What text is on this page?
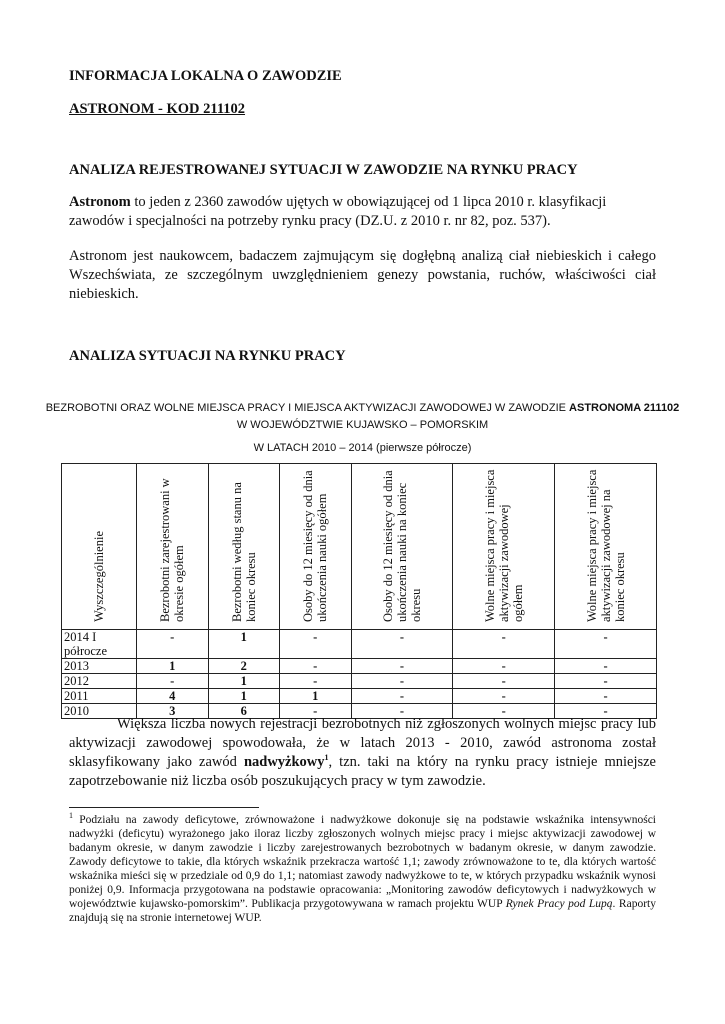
INFORMACJA LOKALNA O ZAWODZIE
ASTRONOM - KOD 211102
ANALIZA REJESTROWANEJ SYTUACJI W ZAWODZIE NA RYNKU PRACY
Astronom to jeden z 2360 zawodów ujętych w obowiązującej od 1 lipca 2010 r. klasyfikacji zawodów i specjalności na potrzeby rynku pracy (DZ.U. z 2010 r. nr 82, poz. 537).
Astronom jest naukowcem, badaczem zajmującym się dogłębną analizą ciał niebieskich i całego Wszechświata, ze szczególnym uwzględnieniem genezy powstania, ruchów, właściwości ciał niebieskich.
ANALIZA SYTUACJI NA RYNKU PRACY
BEZROBOTNI ORAZ WOLNE MIEJSCA PRACY I MIEJSCA AKTYWIZACJI ZAWODOWEJ W ZAWODZIE ASTRONOMA 211102
W WOJEWÓDZTWIE KUJAWSKO – POMORSKIM
W LATACH 2010 – 2014 (pierwsze półrocze)
Wyszczególnienie	Bezrobotni zarejestrowani w okresie ogółem	Bezrobotni według stanu na koniec okresu	Osoby do 12 miesięcy od dnia ukończenia nauki ogółem	Osoby do 12 miesięcy od dnia ukończenia nauki na koniec okresu	Wolne miejsca pracy i miejsca aktywizacji zawodowej ogółem	Wolne miejsca pracy i miejsca aktywizacji zawodowej na koniec okresu
2014 I półrocze	-	1	-	-	-	-
2013	1	2	-	-	-	-
2012	-	1	-	-	-	-
2011	4	1	1	-	-	-
2010	3	6	-	-	-	-
Większa liczba nowych rejestracji bezrobotnych niż zgłoszonych wolnych miejsc pracy lub aktywizacji zawodowej spowodowała, że w latach 2013 - 2010, zawód astronoma został sklasyfikowany jako zawód nadwyżkowy$^1$, tzn. taki na który na rynku pracy istnieje mniejsze zapotrzebowanie niż liczba osób poszukujących pracy w tym zawodzie.
$^1$ Podziału na zawody deficytowe, zrównoważone i nadwyżkowe dokonuje się na podstawie wskaźnika intensywności nadwyżki (deficytu) wyrażonego jako iloraz liczby zgłoszonych wolnych miejsc pracy i miejsc aktywizacji zawodowej w badanym okresie, w danym zawodzie i liczby zarejestrowanych bezrobotnych w badanym okresie, w danym zawodzie. Zawody deficytowe to takie, dla których wskaźnik przekracza wartość 1,1; zawody zrównoważone to te, dla których wartość wskaźnika mieści się w przedziale od 0,9 do 1,1; natomiast zawody nadwyżkowe to te, w których przypadku wskaźnik wynosi poniżej 0,9. Informacja przygotowana na podstawie opracowania: „Monitoring zawodów deficytowych i nadwyżkowych w województwie kujawsko-pomorskim”. Publikacja przygotowywana w ramach projektu WUP Rynek Pracy pod Lupą. Raporty znajdują się na stronie internetowej WUP.
